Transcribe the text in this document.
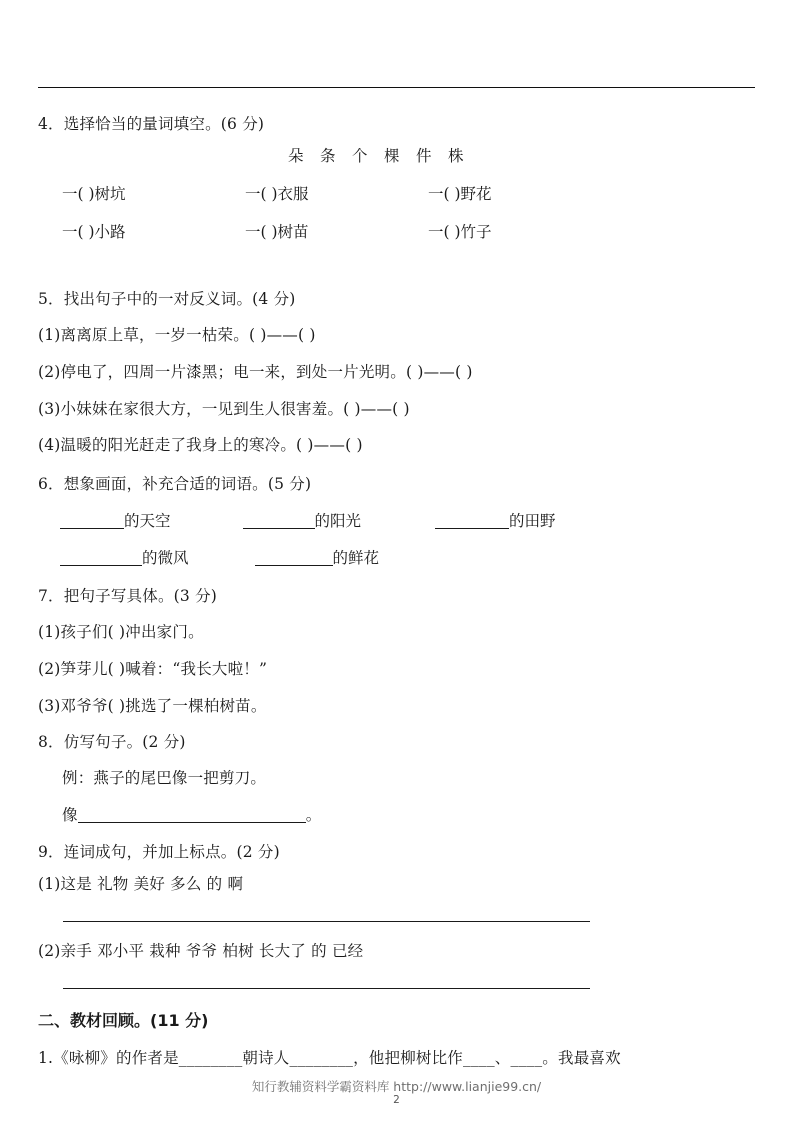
4．选择恰当的量词填空。(6 分)
朵 条 个 棵 件 株
一( )树坑	一( )衣服	一( )野花
一( )小路	一( )树苗	一( )竹子
5．找出句子中的一对反义词。(4 分)
(1)离离原上草，一岁一枯荣。( )——( )
(2)停电了，四周一片漆黑；电一来，到处一片光明。( )——( )
(3)小妹妹在家很大方，一见到生人很害羞。( )——( )
(4)温暖的阳光赶走了我身上的寒冷。( )——( )
6．想象画面，补充合适的词语。(5 分)
的天空	的阳光	的田野
的微风	的鲜花
7．把句子写具体。(3 分)
(1)孩子们( )冲出家门。
(2)笋芽儿( )喊着：“我长大啦！”
(3)邓爷爷( )挑选了一棵柏树苗。
8．仿写句子。(2 分)
例：燕子的尾巴像一把剪刀。
像	。
9．连词成句，并加上标点。(2 分)
(1)这是 礼物 美好 多么 的 啊
(2)亲手 邓小平 栽种 爷爷 柏树 长大了 的 已经
二、教材回顾。(11 分)
1.《咏柳》的作者是________朝诗人________，他把柳树比作____、____。我最喜欢
知行教辅资料学霸资料库 http://www.lianjie99.cn/
2
